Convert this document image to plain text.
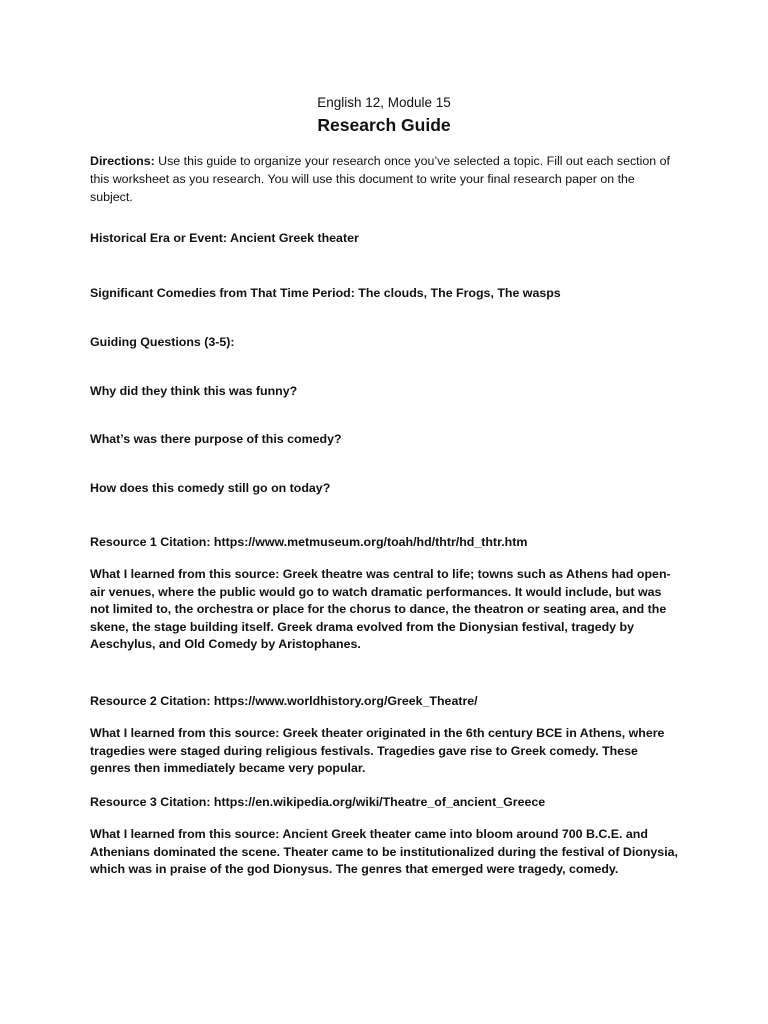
English 12, Module 15
Research Guide

Directions: Use this guide to organize your research once you’ve selected a topic. Fill out each section of this worksheet as you research. You will use this document to write your final research paper on the subject.

Historical Era or Event: Ancient Greek theater

Significant Comedies from That Time Period: The clouds, The Frogs, The wasps

Guiding Questions (3-5):

Why did they think this was funny?

What’s was there purpose of this comedy?

How does this comedy still go on today?

Resource 1 Citation: https://www.metmuseum.org/toah/hd/thtr/hd_thtr.htm

What I learned from this source: Greek theatre was central to life; towns such as Athens had open-air venues, where the public would go to watch dramatic performances. It would include, but was not limited to, the orchestra or place for the chorus to dance, the theatron or seating area, and the skene, the stage building itself. Greek drama evolved from the Dionysian festival, tragedy by Aeschylus, and Old Comedy by Aristophanes.

Resource 2 Citation: https://www.worldhistory.org/Greek_Theatre/

What I learned from this source: Greek theater originated in the 6th century BCE in Athens, where tragedies were staged during religious festivals. Tragedies gave rise to Greek comedy. These genres then immediately became very popular.

Resource 3 Citation: https://en.wikipedia.org/wiki/Theatre_of_ancient_Greece

What I learned from this source: Ancient Greek theater came into bloom around 700 B.C.E. and Athenians dominated the scene. Theater came to be institutionalized during the festival of Dionysia, which was in praise of the god Dionysus. The genres that emerged were tragedy, comedy.
